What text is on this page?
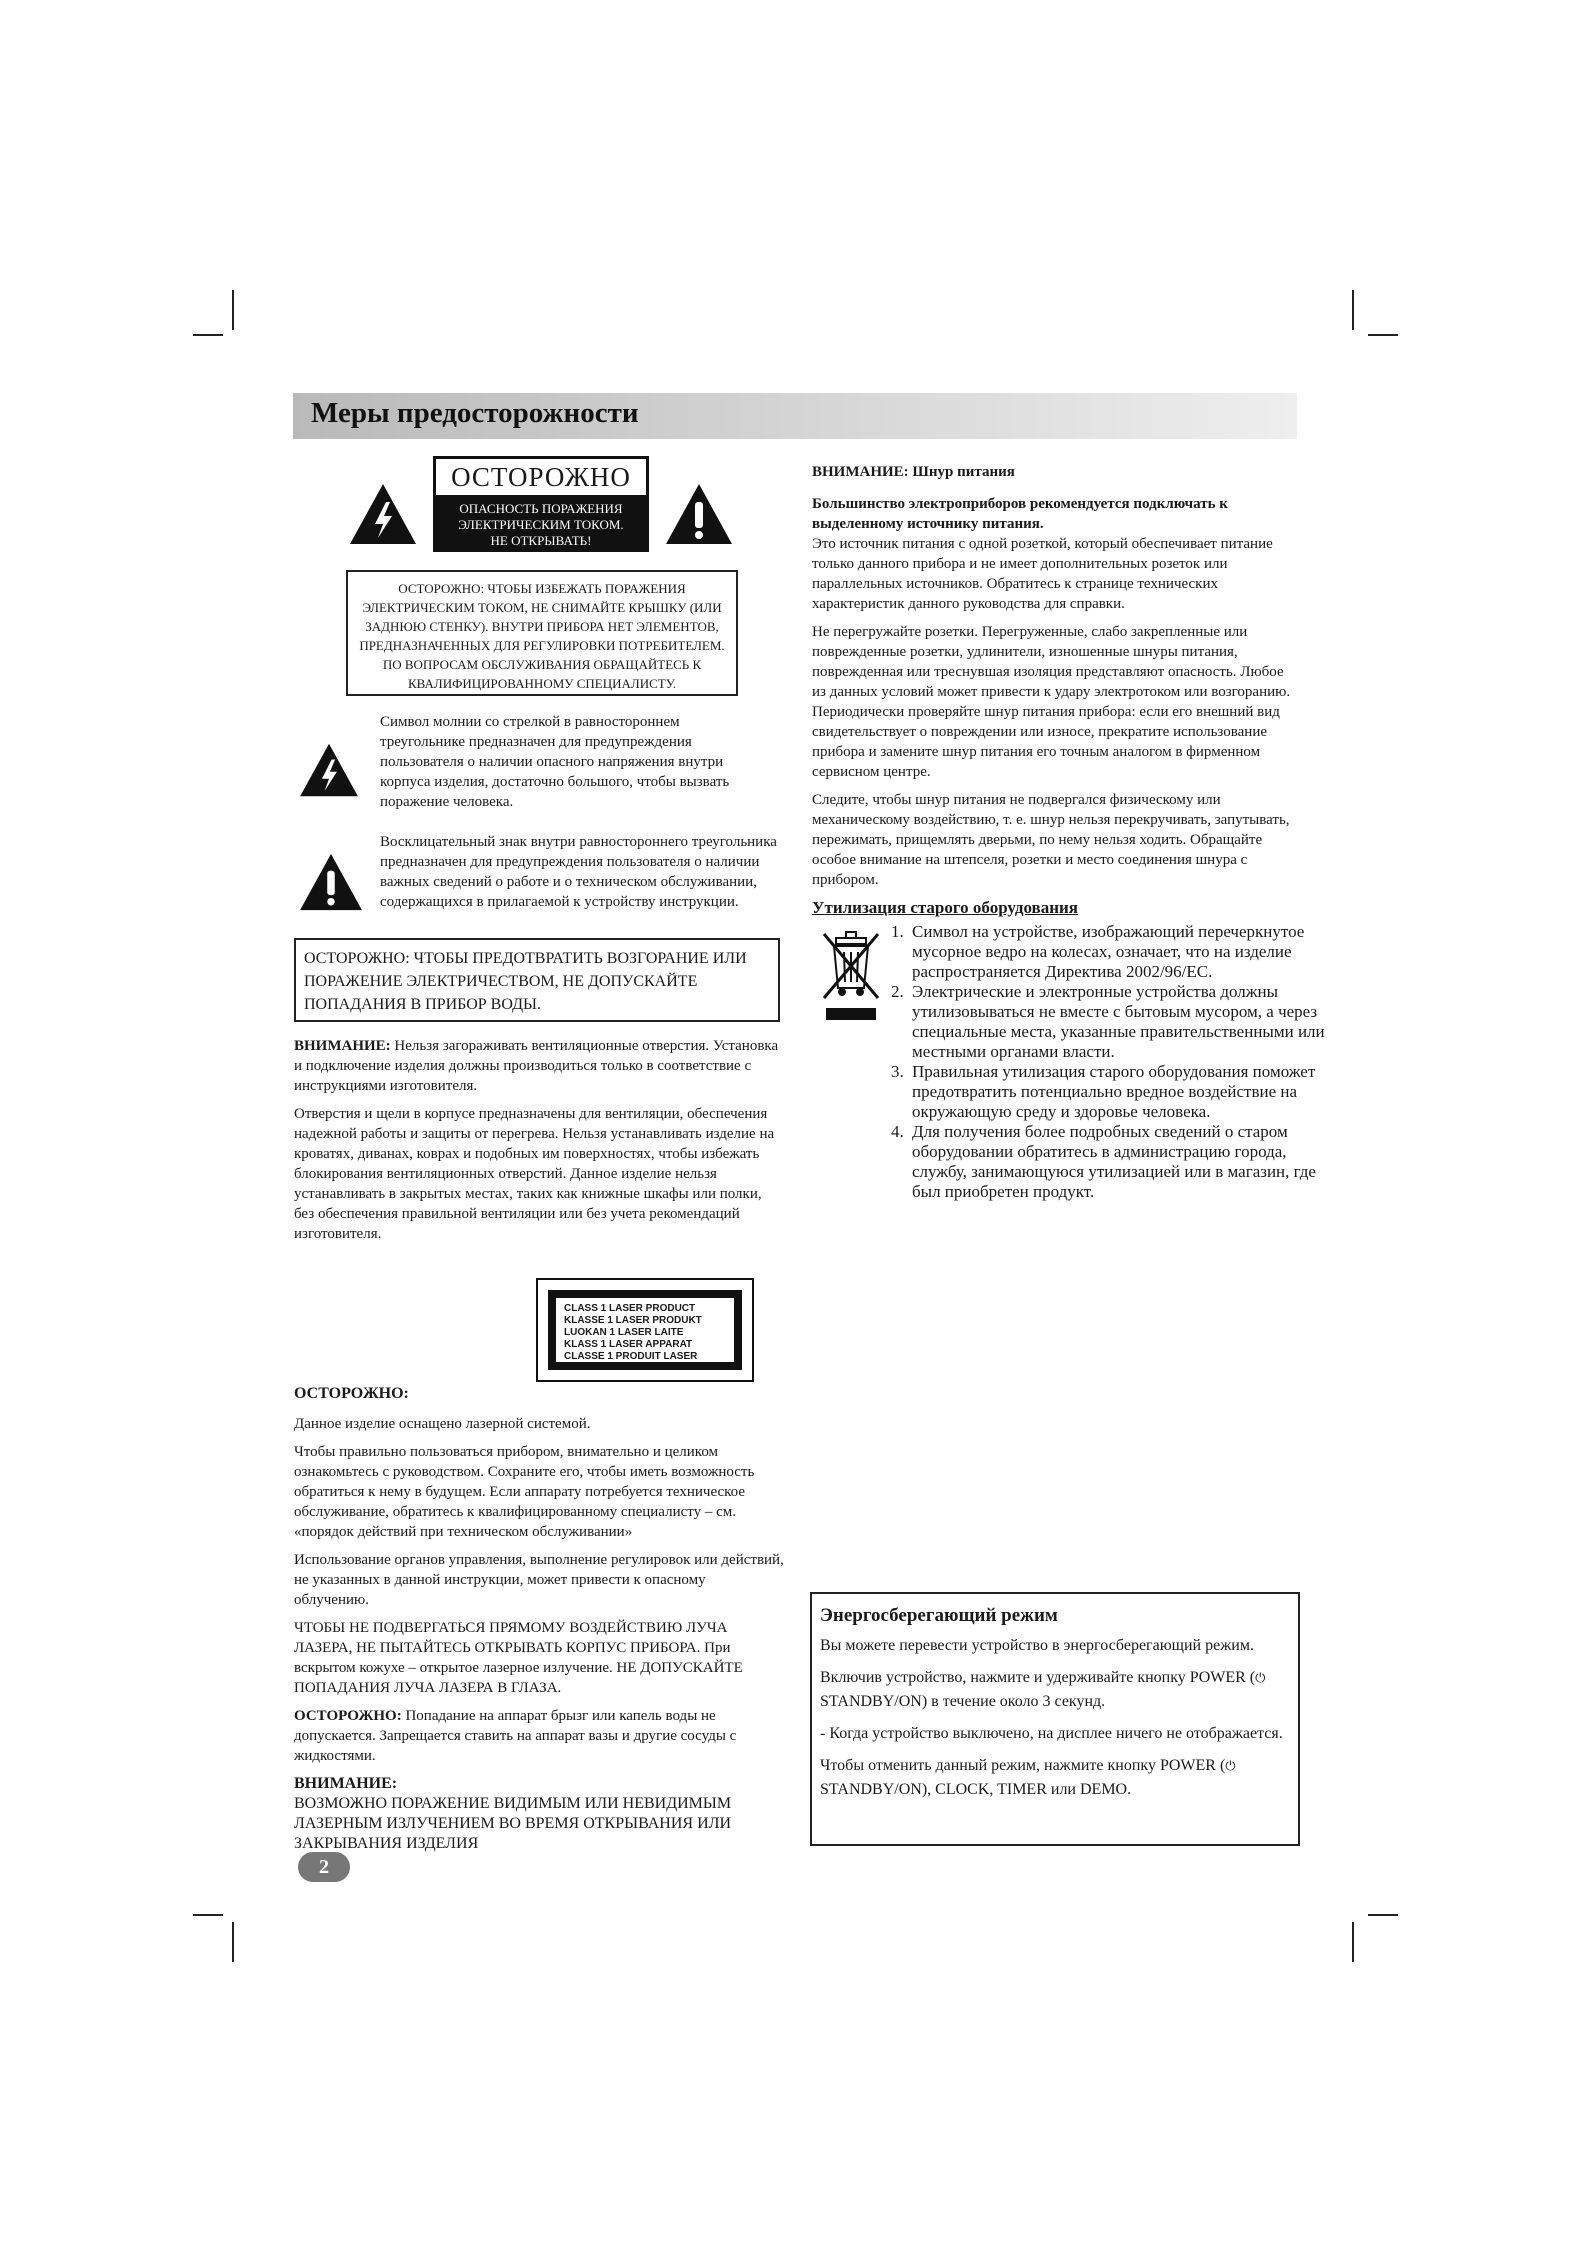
Меры предосторожности
ОСТОРОЖНО
ОПАСНОСТЬ ПОРАЖЕНИЯ
ЭЛЕКТРИЧЕСКИМ ТОКОМ.
НЕ ОТКРЫВАТЬ!
ОСТОРОЖНО: ЧТОБЫ ИЗБЕЖАТЬ ПОРАЖЕНИЯ
ЭЛЕКТРИЧЕСКИМ ТОКОМ, НЕ СНИМАЙТЕ КРЫШКУ (ИЛИ
ЗАДНЮЮ СТЕНКУ). ВНУТРИ ПРИБОРА НЕТ ЭЛЕМЕНТОВ,
ПРЕДНАЗНАЧЕННЫХ ДЛЯ РЕГУЛИРОВКИ ПОТРЕБИТЕЛЕМ.
ПО ВОПРОСАМ ОБСЛУЖИВАНИЯ ОБРАЩАЙТЕСЬ К
КВАЛИФИЦИРОВАННОМУ СПЕЦИАЛИСТУ.
Символ молнии со стрелкой в равностороннем треугольнике предназначен для предупреждения пользователя о наличии опасного напряжения внутри корпуса изделия, достаточно большого, чтобы вызвать поражение человека.
Восклицательный знак внутри равностороннего треугольника предназначен для предупреждения пользователя о наличии важных сведений о работе и о техническом обслуживании, содержащихся в прилагаемой к устройству инструкции.
ОСТОРОЖНО: ЧТОБЫ ПРЕДОТВРАТИТЬ ВОЗГОРАНИЕ ИЛИ ПОРАЖЕНИЕ ЭЛЕКТРИЧЕСТВОМ, НЕ ДОПУСКАЙТЕ ПОПАДАНИЯ В ПРИБОР ВОДЫ.

ВНИМАНИЕ: Нельзя загораживать вентиляционные отверстия. Установка и подключение изделия должны производиться только в соответствие с инструкциями изготовителя.

Отверстия и щели в корпусе предназначены для вентиляции, обеспечения надежной работы и защиты от перегрева. Нельзя устанавливать изделие на кроватях, диванах, коврах и подобных им поверхностях, чтобы избежать блокирования вентиляционных отверстий. Данное изделие нельзя устанавливать в закрытых местах, таких как книжные шкафы или полки, без обеспечения правильной вентиляции или без учета рекомендаций изготовителя.

CLASS 1 LASER PRODUCT
KLASSE 1 LASER PRODUKT
LUOKAN 1 LASER LAITE
KLASS 1 LASER APPARAT
CLASSE 1 PRODUIT LASER

ОСТОРОЖНО:

Данное изделие оснащено лазерной системой.

Чтобы правильно пользоваться прибором, внимательно и целиком ознакомьтесь с руководством. Сохраните его, чтобы иметь возможность обратиться к нему в будущем. Если аппарату потребуется техническое обслуживание, обратитесь к квалифицированному специалисту – см. «порядок действий при техническом обслуживании»

Использование органов управления, выполнение регулировок или действий, не указанных в данной инструкции, может привести к опасному облучению.

ЧТОБЫ НЕ ПОДВЕРГАТЬСЯ ПРЯМОМУ ВОЗДЕЙСТВИЮ ЛУЧА ЛАЗЕРА, НЕ ПЫТАЙТЕСЬ ОТКРЫВАТЬ КОРПУС ПРИБОРА. При вскрытом кожухе – открытое лазерное излучение. НЕ ДОПУСКАЙТЕ ПОПАДАНИЯ ЛУЧА ЛАЗЕРА В ГЛАЗА.

ОСТОРОЖНО: Попадание на аппарат брызг или капель воды не допускается. Запрещается ставить на аппарат вазы и другие сосуды с жидкостями.

ВНИМАНИЕ:

ВОЗМОЖНО ПОРАЖЕНИЕ ВИДИМЫМ ИЛИ НЕВИДИМЫМ ЛАЗЕРНЫМ ИЗЛУЧЕНИЕМ ВО ВРЕМЯ ОТКРЫВАНИЯ ИЛИ ЗАКРЫВАНИЯ ИЗДЕЛИЯ

2

ВНИМАНИЕ: Шнур питания

Большинство электроприборов рекомендуется подключать к выделенному источнику питания.

Это источник питания с одной розеткой, который обеспечивает питание только данного прибора и не имеет дополнительных розеток или параллельных источников. Обратитесь к странице технических характеристик данного руководства для справки.

Не перегружайте розетки. Перегруженные, слабо закрепленные или поврежденные розетки, удлинители, изношенные шнуры питания, поврежденная или треснувшая изоляция представляют опасность. Любое из данных условий может привести к удару электротоком или возгоранию. Периодически проверяйте шнур питания прибора: если его внешний вид свидетельствует о повреждении или износе, прекратите использование прибора и замените шнур питания его точным аналогом в фирменном сервисном центре.

Следите, чтобы шнур питания не подвергался физическому или механическому воздействию, т. е. шнур нельзя перекручивать, запутывать, пережимать, прищемлять дверьми, по нему нельзя ходить. Обращайте особое внимание на штепселя, розетки и место соединения шнура с прибором.

Утилизация старого оборудования
1. Символ на устройстве, изображающий перечеркнутое мусорное ведро на колесах, означает, что на изделие распространяется Директива 2002/96/EC.
2. Электрические и электронные устройства должны утилизовываться не вместе с бытовым мусором, а через специальные места, указанные правительственными или местными органами власти.
3. Правильная утилизация старого оборудования поможет предотвратить потенциально вредное воздействие на окружающую среду и здоровье человека.
4. Для получения более подробных сведений о старом оборудовании обратитесь в администрацию города, службу, занимающуюся утилизацией или в магазин, где был приобретен продукт.

Энергосберегающий режим

Вы можете перевести устройство в энергосберегающий режим.

Включив устройство, нажмите и удерживайте кнопку POWER (⏻ STANDBY/ON) в течение около 3 секунд.

- Когда устройство выключено, на дисплее ничего не отображается.

Чтобы отменить данный режим, нажмите кнопку POWER (⏻ STANDBY/ON), CLOCK, TIMER или DEMO.
